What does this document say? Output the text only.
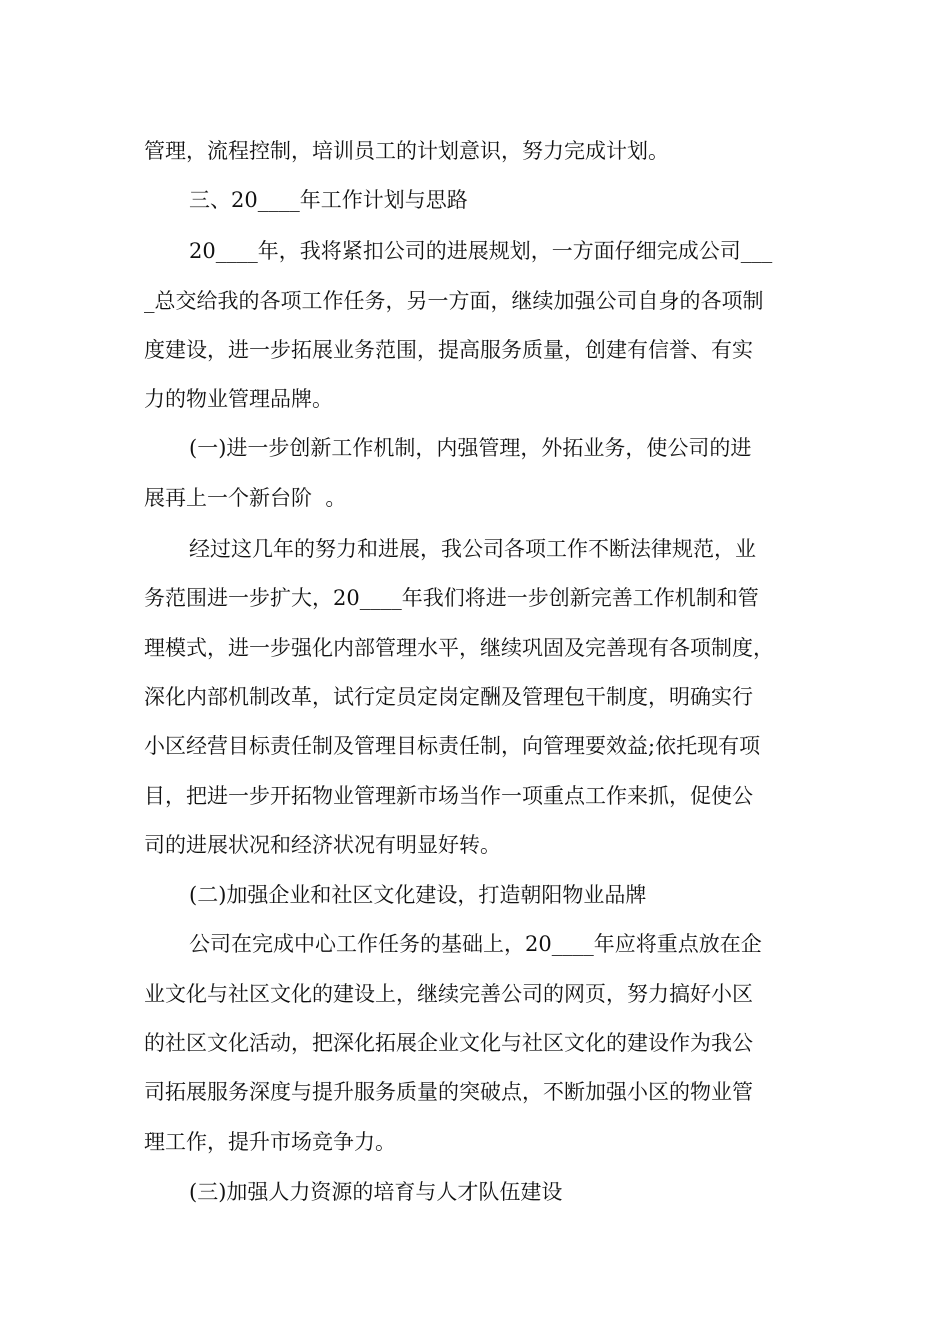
管理，流程控制，培训员工的计划意识，努力完成计划。
三、20____年工作计划与思路
20____年，我将紧扣公司的进展规划，一方面仔细完成公司___
_总交给我的各项工作任务，另一方面，继续加强公司自身的各项制
度建设，进一步拓展业务范围，提高服务质量，创建有信誉、有实
力的物业管理品牌。
(一)进一步创新工作机制，内强管理，外拓业务，使公司的进
展再上一个新台阶  。
经过这几年的努力和进展，我公司各项工作不断法律规范，业
务范围进一步扩大，20____年我们将进一步创新完善工作机制和管
理模式，进一步强化内部管理水平，继续巩固及完善现有各项制度，
深化内部机制改革，试行定员定岗定酬及管理包干制度，明确实行
小区经营目标责任制及管理目标责任制，向管理要效益;依托现有项
目，把进一步开拓物业管理新市场当作一项重点工作来抓，促使公
司的进展状况和经济状况有明显好转。
(二)加强企业和社区文化建设，打造朝阳物业品牌
公司在完成中心工作任务的基础上，20____年应将重点放在企
业文化与社区文化的建设上，继续完善公司的网页，努力搞好小区
的社区文化活动，把深化拓展企业文化与社区文化的建设作为我公
司拓展服务深度与提升服务质量的突破点，不断加强小区的物业管
理工作，提升市场竞争力。
(三)加强人力资源的培育与人才队伍建设
